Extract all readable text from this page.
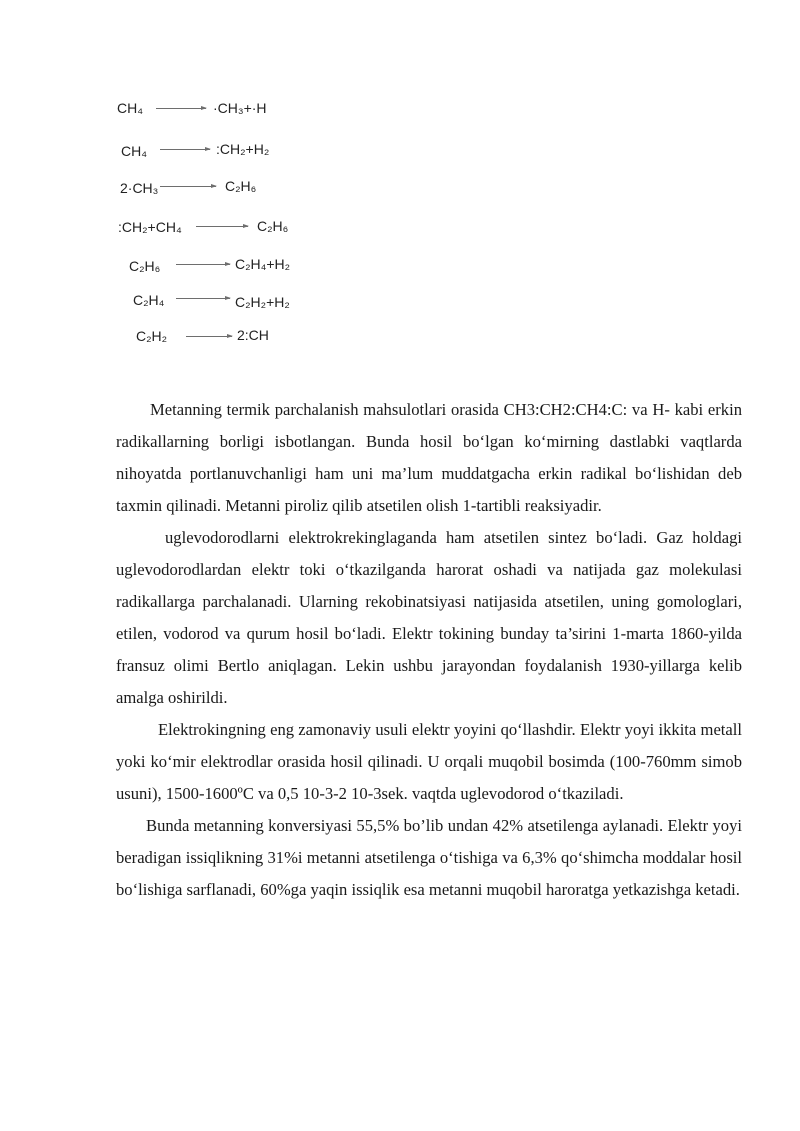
CH₄ → ·CH₃+·H
CH₄ → :CH₂+H₂
2·CH₃ → C₂H₆
:CH₂+CH₄ → C₂H₆
C₂H₆ → C₂H₄+H₂
C₂H₄ → C₂H₂+H₂
C₂H₂ → 2:CH

Metanning termik parchalanish mahsulotlari orasida CH3:CH2:CH4:C: va H- kabi erkin radikallarning borligi isbotlangan. Bunda hosil bo‘lgan ko‘mirning dastlabki vaqtlarda nihoyatda portlanuvchanligi ham uni ma’lum muddatgacha erkin radikal bo‘lishidan deb taxmin qilinadi. Metanni piroliz qilib atsetilen olish 1-tartibli reaksiyadir.

uglevodorodlarni elektrokrekinglaganda ham atsetilen sintez bo‘ladi. Gaz holdagi uglevodorodlardan elektr toki o‘tkazilganda harorat oshadi va natijada gaz molekulasi radikallarga parchalanadi. Ularning rekobinatsiyasi natijasida atsetilen, uning gomologlari, etilen, vodorod va qurum hosil bo‘ladi. Elektr tokining bunday ta’sirini 1-marta 1860-yilda fransuz olimi Bertlo aniqlagan. Lekin ushbu jarayondan foydalanish 1930-yillarga kelib amalga oshirildi.

Elektrokingning eng zamonaviy usuli elektr yoyini qo‘llashdir. Elektr yoyi ikkita metall yoki ko‘mir elektrodlar orasida hosil qilinadi. U orqali muqobil bosimda (100-760mm simob usuni), 1500-1600ºC va 0,5 10-3-2 10-3sek. vaqtda uglevodorod o‘tkaziladi.

Bunda metanning konversiyasi 55,5% bo’lib undan 42% atsetilenga aylanadi. Elektr yoyi beradigan issiqlikning 31%i metanni atsetilenga o‘tishiga va 6,3% qo‘shimcha moddalar hosil bo‘lishiga sarflanadi, 60%ga yaqin issiqlik esa metanni muqobil haroratga yetkazishga ketadi.
